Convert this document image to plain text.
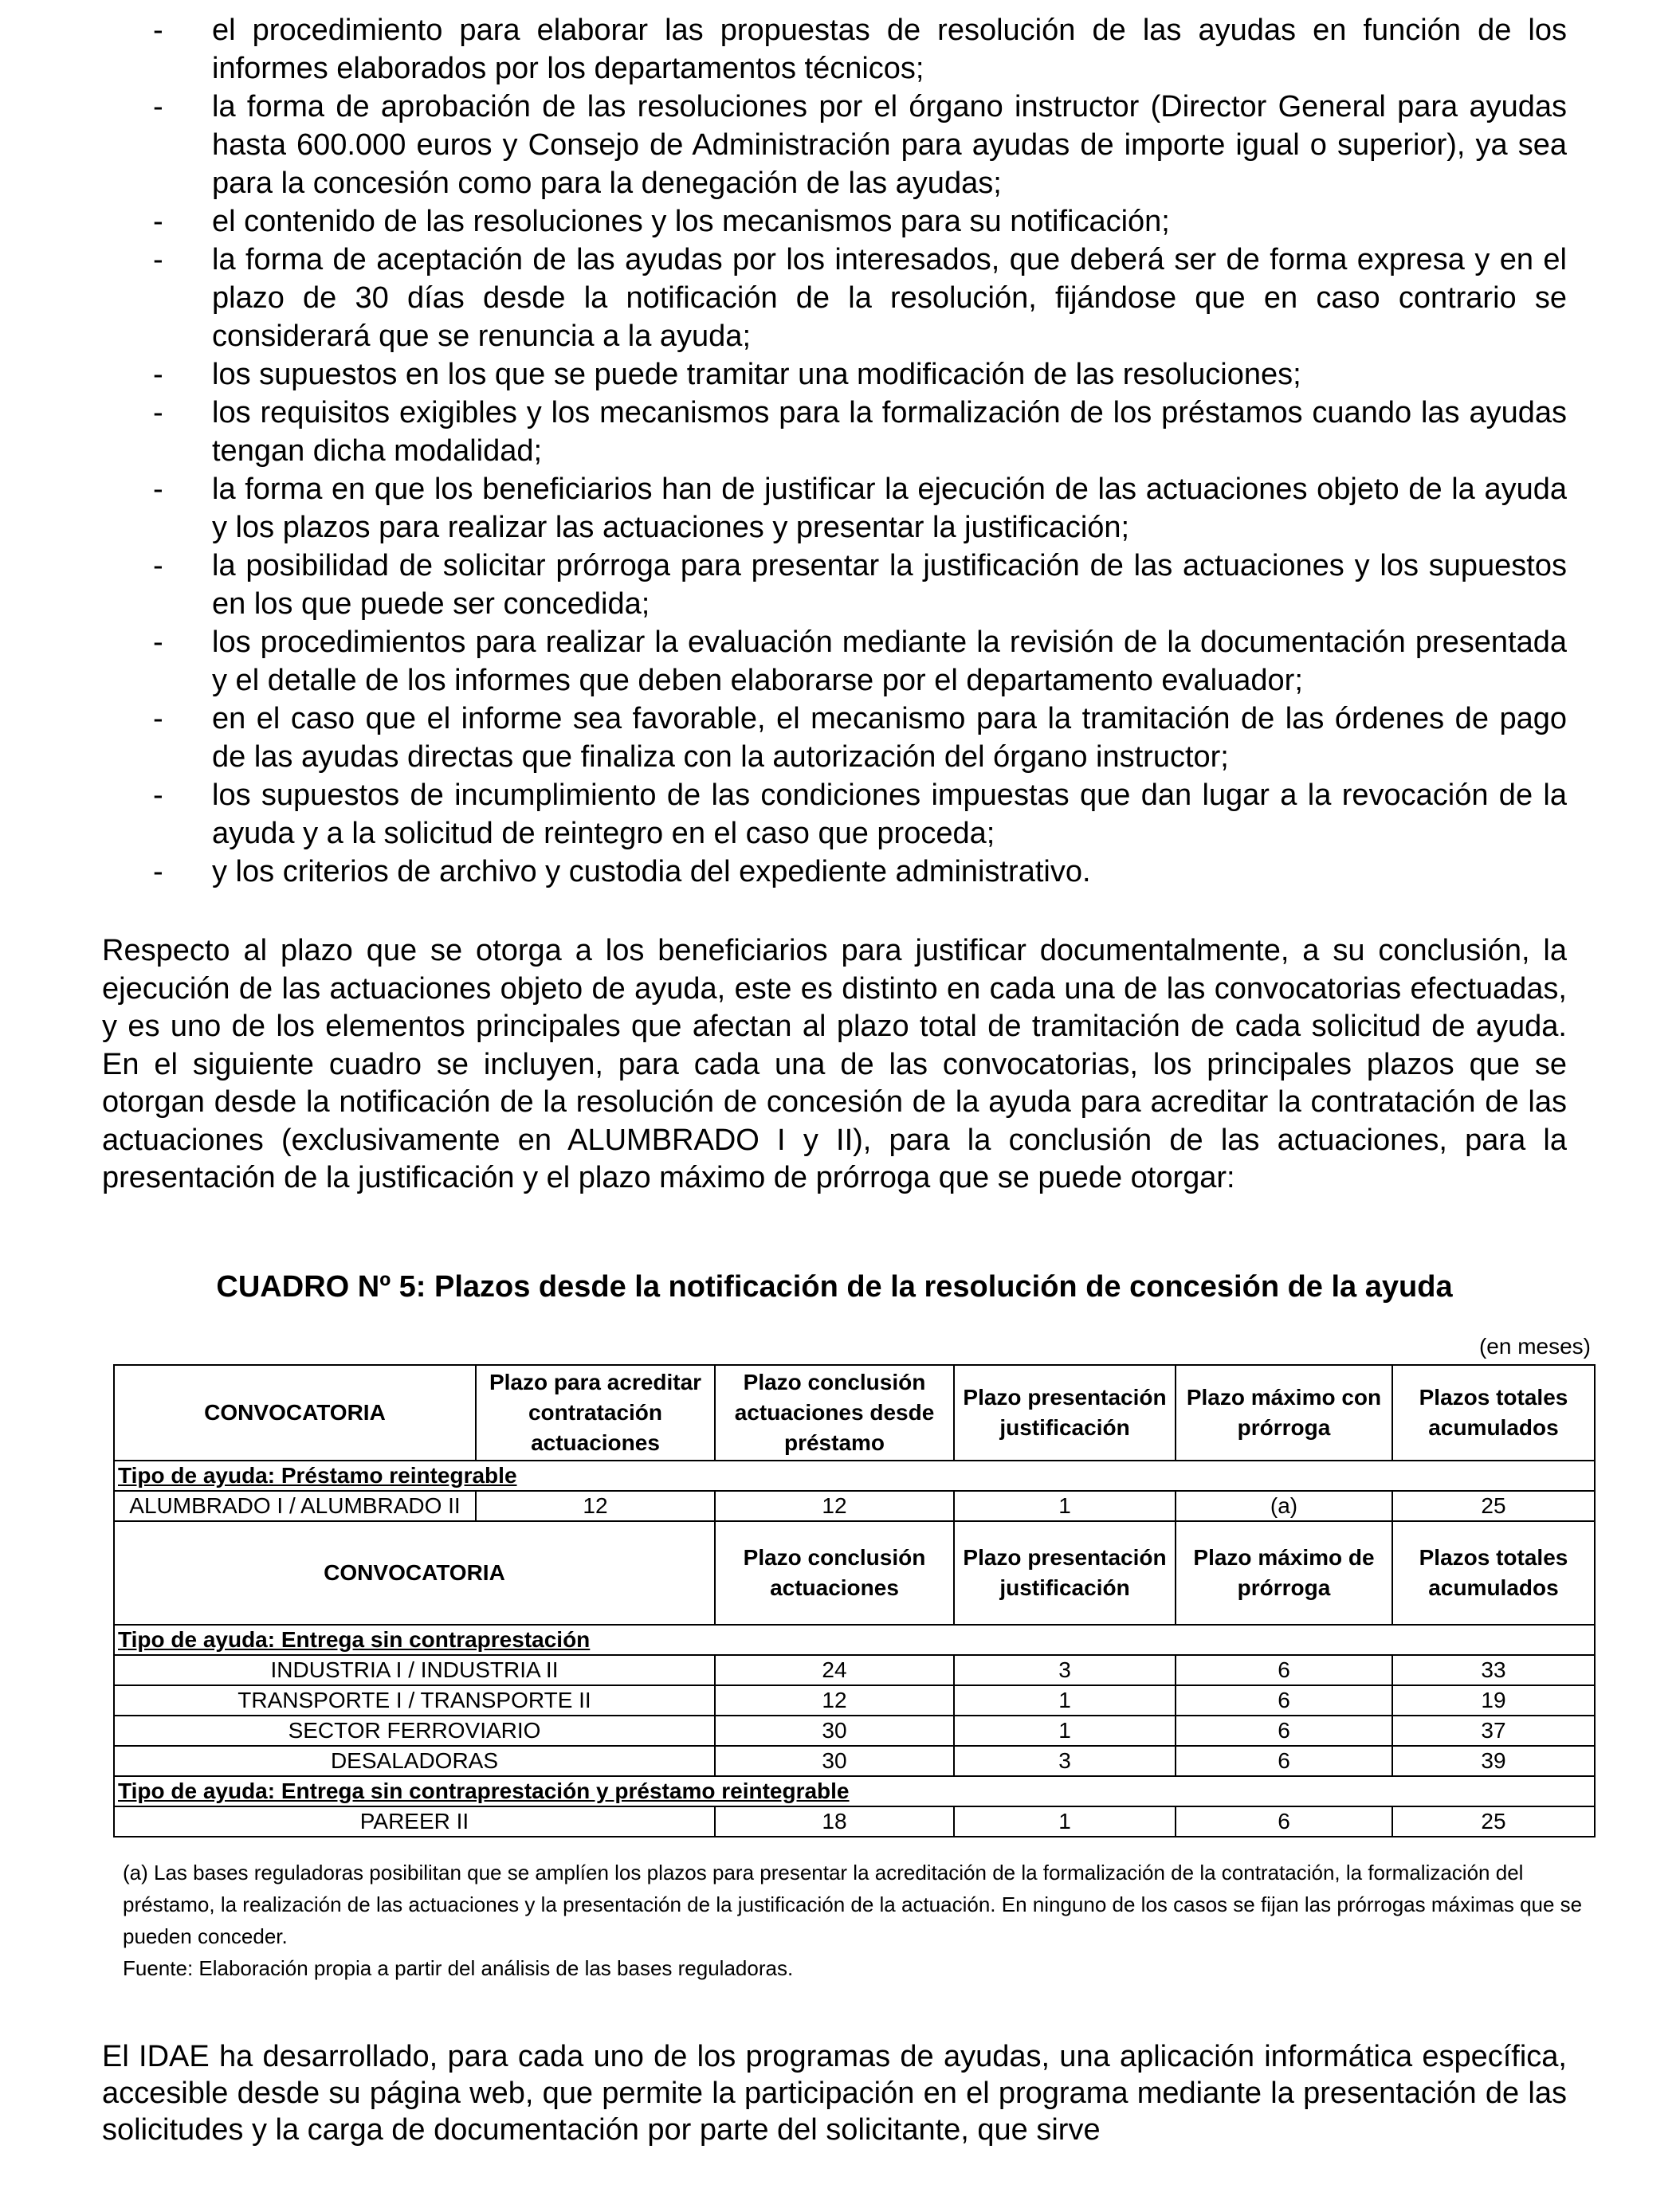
- el procedimiento para elaborar las propuestas de resolución de las ayudas en función de los informes elaborados por los departamentos técnicos;
- la forma de aprobación de las resoluciones por el órgano instructor (Director General para ayudas hasta 600.000 euros y Consejo de Administración para ayudas de importe igual o superior), ya sea para la concesión como para la denegación de las ayudas;
- el contenido de las resoluciones y los mecanismos para su notificación;
- la forma de aceptación de las ayudas por los interesados, que deberá ser de forma expresa y en el plazo de 30 días desde la notificación de la resolución, fijándose que en caso contrario se considerará que se renuncia a la ayuda;
- los supuestos en los que se puede tramitar una modificación de las resoluciones;
- los requisitos exigibles y los mecanismos para la formalización de los préstamos cuando las ayudas tengan dicha modalidad;
- la forma en que los beneficiarios han de justificar la ejecución de las actuaciones objeto de la ayuda y los plazos para realizar las actuaciones y presentar la justificación;
- la posibilidad de solicitar prórroga para presentar la justificación de las actuaciones y los supuestos en los que puede ser concedida;
- los procedimientos para realizar la evaluación mediante la revisión de la documentación presentada y el detalle de los informes que deben elaborarse por el departamento evaluador;
- en el caso que el informe sea favorable, el mecanismo para la tramitación de las órdenes de pago de las ayudas directas que finaliza con la autorización del órgano instructor;
- los supuestos de incumplimiento de las condiciones impuestas que dan lugar a la revocación de la ayuda y a la solicitud de reintegro en el caso que proceda;
- y los criterios de archivo y custodia del expediente administrativo.

Respecto al plazo que se otorga a los beneficiarios para justificar documentalmente, a su conclusión, la ejecución de las actuaciones objeto de ayuda, este es distinto en cada una de las convocatorias efectuadas, y es uno de los elementos principales que afectan al plazo total de tramitación de cada solicitud de ayuda. En el siguiente cuadro se incluyen, para cada una de las convocatorias, los principales plazos que se otorgan desde la notificación de la resolución de concesión de la ayuda para acreditar la contratación de las actuaciones (exclusivamente en ALUMBRADO I y II), para la conclusión de las actuaciones, para la presentación de la justificación y el plazo máximo de prórroga que se puede otorgar:

CUADRO Nº 5: Plazos desde la notificación de la resolución de concesión de la ayuda
(en meses)
CONVOCATORIA	Plazo para acreditar contratación actuaciones	Plazo conclusión actuaciones desde préstamo	Plazo presentación justificación	Plazo máximo con prórroga	Plazos totales acumulados
Tipo de ayuda: Préstamo reintegrable					
ALUMBRADO I / ALUMBRADO II	12	12	1	(a)	25
CONVOCATORIA		Plazo conclusión actuaciones	Plazo presentación justificación	Plazo máximo de prórroga	Plazos totales acumulados
Tipo de ayuda: Entrega sin contraprestación					
INDUSTRIA I / INDUSTRIA II		24	3	6	33
TRANSPORTE I / TRANSPORTE II		12	1	6	19
SECTOR FERROVIARIO		30	1	6	37
DESALADORAS		30	3	6	39
Tipo de ayuda: Entrega sin contraprestación y préstamo reintegrable					
PAREER II		18	1	6	25

(a) Las bases reguladoras posibilitan que se amplíen los plazos para presentar la acreditación de la formalización de la contratación, la formalización del préstamo, la realización de las actuaciones y la presentación de la justificación de la actuación. En ninguno de los casos se fijan las prórrogas máximas que se pueden conceder.

Fuente: Elaboración propia a partir del análisis de las bases reguladoras.

El IDAE ha desarrollado, para cada uno de los programas de ayudas, una aplicación informática específica, accesible desde su página web, que permite la participación en el programa mediante la presentación de las solicitudes y la carga de documentación por parte del solicitante, que sirve
